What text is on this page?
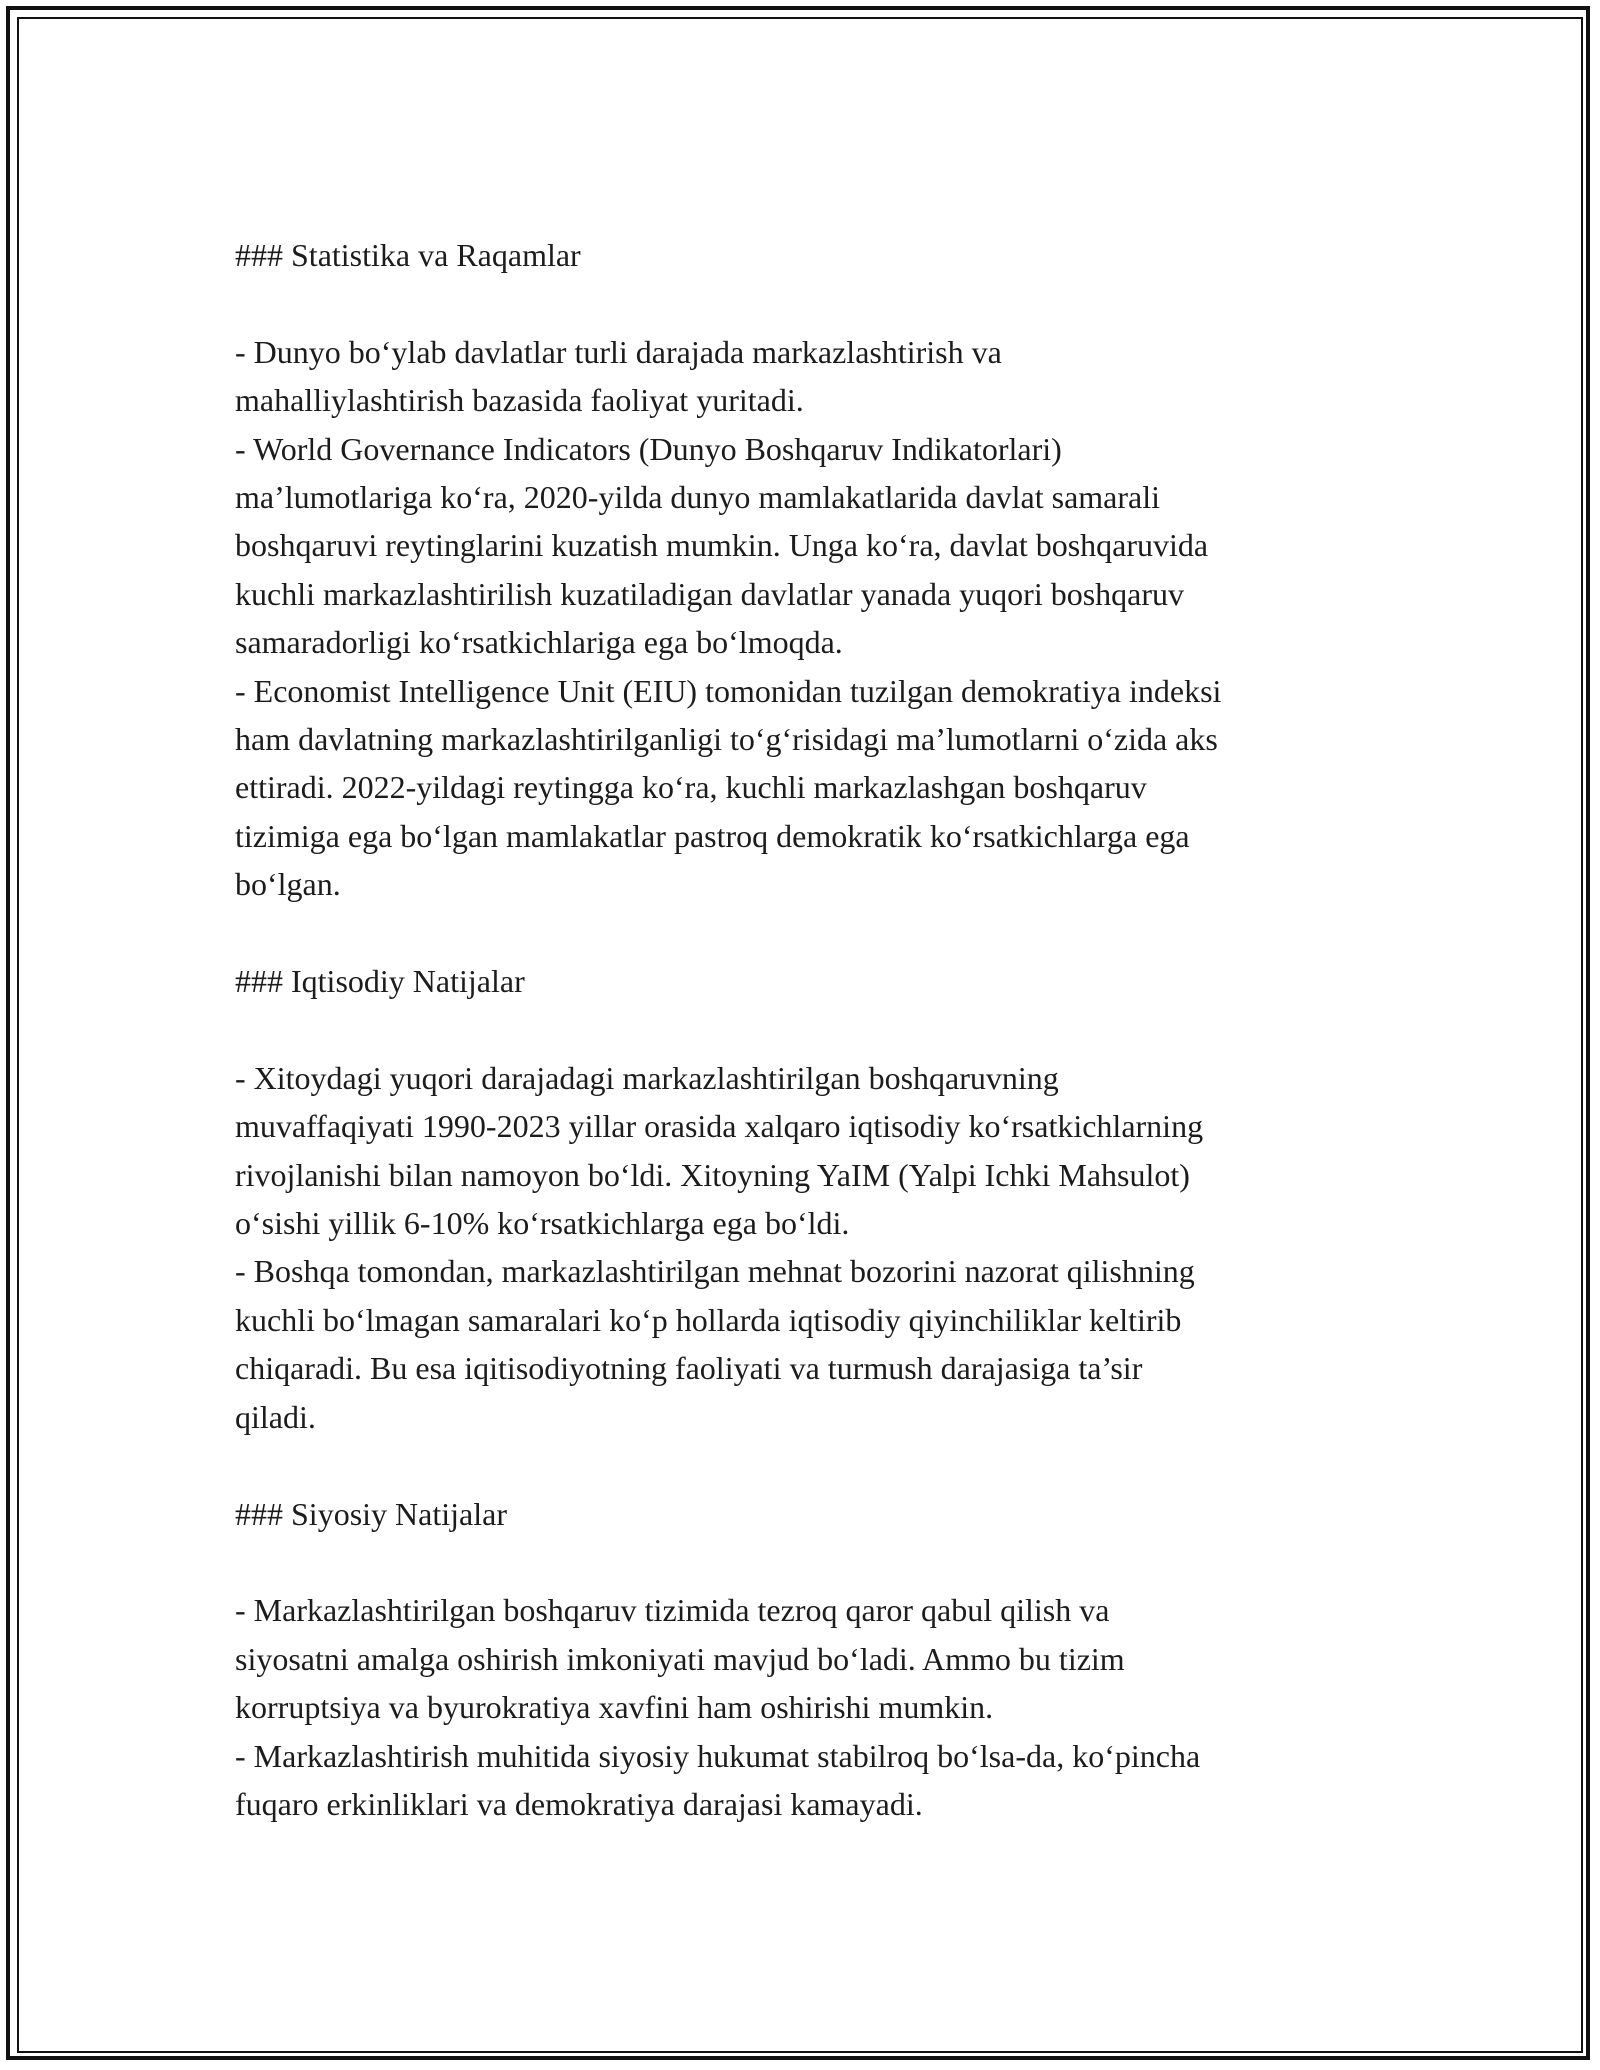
### Statistika va Raqamlar

- Dunyo bo‘ylab davlatlar turli darajada markazlashtirish va
mahalliylashtirish bazasida faoliyat yuritadi.

- World Governance Indicators (Dunyo Boshqaruv Indikatorlari)
ma’lumotlariga ko‘ra, 2020-yilda dunyo mamlakatlarida davlat samarali
boshqaruvi reytinglarini kuzatish mumkin. Unga ko‘ra, davlat boshqaruvida
kuchli markazlashtirilish kuzatiladigan davlatlar yanada yuqori boshqaruv
samaradorligi ko‘rsatkichlariga ega bo‘lmoqda.

- Economist Intelligence Unit (EIU) tomonidan tuzilgan demokratiya indeksi
ham davlatning markazlashtirilganligi to‘g‘risidagi ma’lumotlarni o‘zida aks
ettiradi. 2022-yildagi reytingga ko‘ra, kuchli markazlashgan boshqaruv
tizimiga ega bo‘lgan mamlakatlar pastroq demokratik ko‘rsatkichlarga ega
bo‘lgan.

### Iqtisodiy Natijalar

- Xitoydagi yuqori darajadagi markazlashtirilgan boshqaruvning
muvaffaqiyati 1990-2023 yillar orasida xalqaro iqtisodiy ko‘rsatkichlarning
rivojlanishi bilan namoyon bo‘ldi. Xitoyning YaIM (Yalpi Ichki Mahsulot)
o‘sishi yillik 6-10% ko‘rsatkichlarga ega bo‘ldi.

- Boshqa tomondan, markazlashtirilgan mehnat bozorini nazorat qilishning
kuchli bo‘lmagan samaralari ko‘p hollarda iqtisodiy qiyinchiliklar keltirib
chiqaradi. Bu esa iqitisodiyotning faoliyati va turmush darajasiga ta’sir
qiladi.

### Siyosiy Natijalar

- Markazlashtirilgan boshqaruv tizimida tezroq qaror qabul qilish va
siyosatni amalga oshirish imkoniyati mavjud bo‘ladi. Ammo bu tizim
korruptsiya va byurokratiya xavfini ham oshirishi mumkin.

- Markazlashtirish muhitida siyosiy hukumat stabilroq bo‘lsa-da, ko‘pincha
fuqaro erkinliklari va demokratiya darajasi kamayadi.
